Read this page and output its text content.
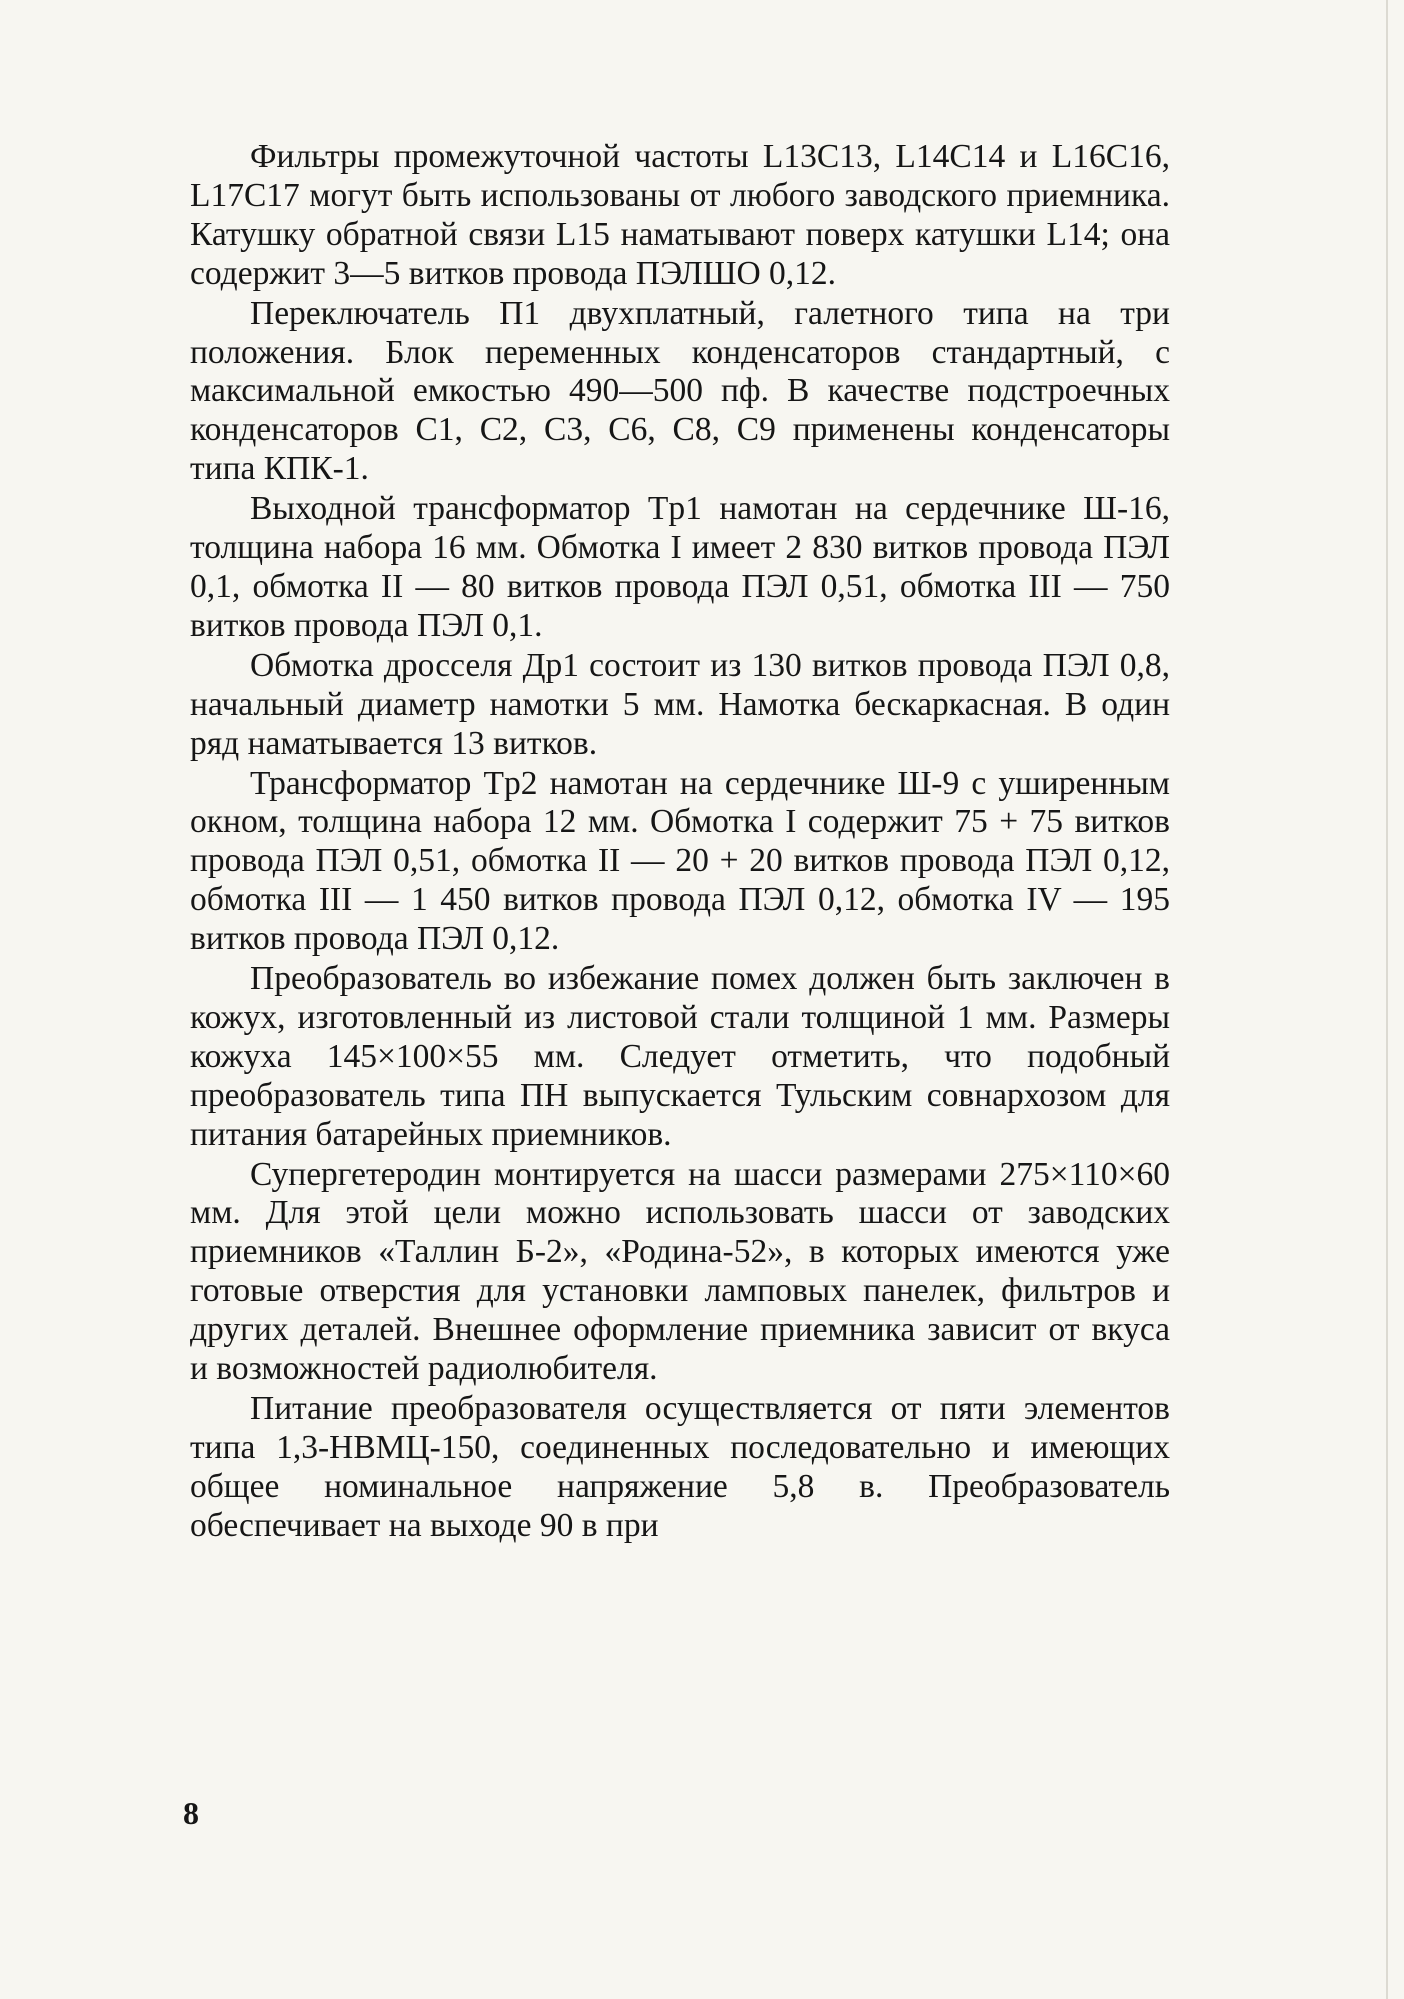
Фильтры промежуточной частоты L13C13, L14C14 и L16C16, L17C17 могут быть использованы от любого заводского приемника. Катушку обратной связи L15 наматывают поверх катушки L14; она содержит 3—5 витков провода ПЭЛШО 0,12.

Переключатель П1 двухплатный, галетного типа на три положения. Блок переменных конденсаторов стандартный, с максимальной емкостью 490—500 пф. В качестве подстроечных конденсаторов C1, C2, C3, C6, C8, C9 применены конденсаторы типа КПК-1.

Выходной трансформатор Tp1 намотан на сердечнике Ш-16, толщина набора 16 мм. Обмотка I имеет 2 830 витков провода ПЭЛ 0,1, обмотка II — 80 витков провода ПЭЛ 0,51, обмотка III — 750 витков провода ПЭЛ 0,1.

Обмотка дросселя Др1 состоит из 130 витков провода ПЭЛ 0,8, начальный диаметр намотки 5 мм. Намотка бескаркасная. В один ряд наматывается 13 витков.

Трансформатор Tp2 намотан на сердечнике Ш-9 с уширенным окном, толщина набора 12 мм. Обмотка I содержит 75 + 75 витков провода ПЭЛ 0,51, обмотка II — 20 + 20 витков провода ПЭЛ 0,12, обмотка III — 1 450 витков провода ПЭЛ 0,12, обмотка IV — 195 витков провода ПЭЛ 0,12.

Преобразователь во избежание помех должен быть заключен в кожух, изготовленный из листовой стали толщиной 1 мм. Размеры кожуха 145×100×55 мм. Следует отметить, что подобный преобразователь типа ПН выпускается Тульским совнархозом для питания батарейных приемников.

Супергетеродин монтируется на шасси размерами 275×110×60 мм. Для этой цели можно использовать шасси от заводских приемников «Таллин Б-2», «Родина-52», в которых имеются уже готовые отверстия для установки ламповых панелек, фильтров и других деталей. Внешнее оформление приемника зависит от вкуса и возможностей радиолюбителя.

Питание преобразователя осуществляется от пяти элементов типа 1,3-НВМЦ-150, соединенных последовательно и имеющих общее номинальное напряжение 5,8 в. Преобразователь обеспечивает на выходе 90 в при

8
